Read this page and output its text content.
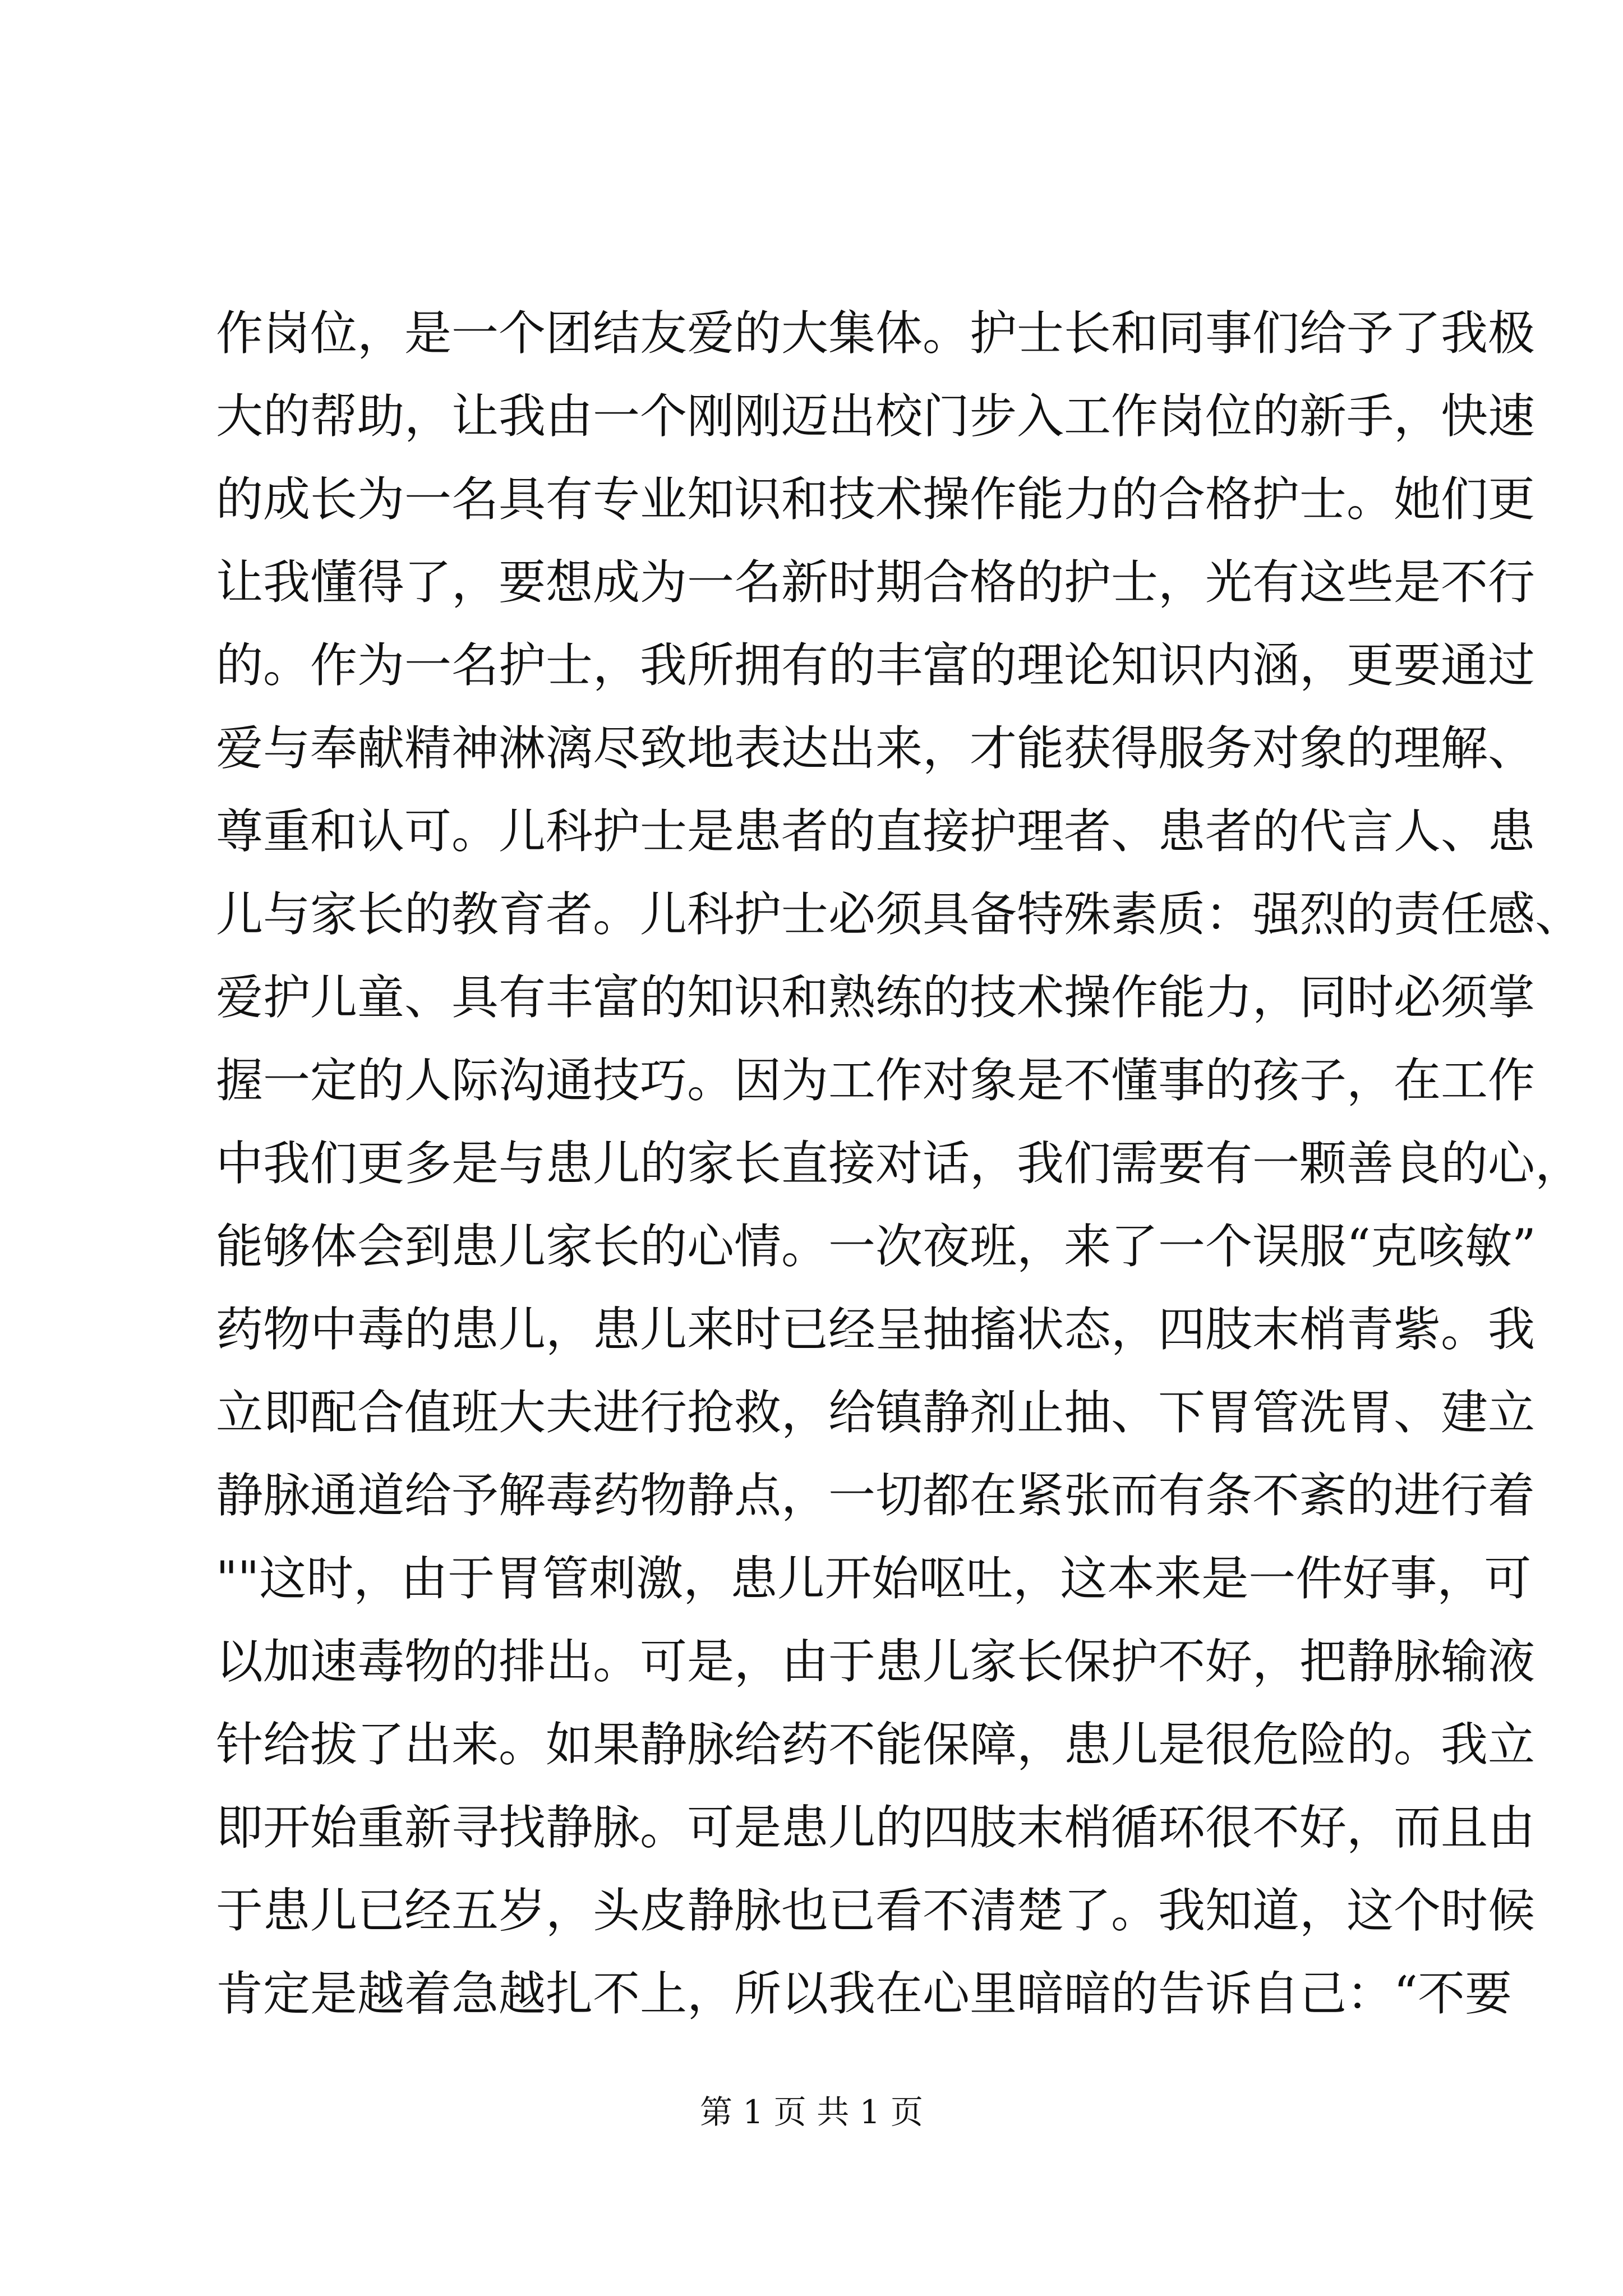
作岗位，是一个团结友爱的大集体。护士长和同事们给予了我极
大的帮助，让我由一个刚刚迈出校门步入工作岗位的新手，快速
的成长为一名具有专业知识和技术操作能力的合格护士。她们更
让我懂得了，要想成为一名新时期合格的护士，光有这些是不行
的。作为一名护士，我所拥有的丰富的理论知识内涵，更要通过
爱与奉献精神淋漓尽致地表达出来，才能获得服务对象的理解、
尊重和认可。儿科护士是患者的直接护理者、患者的代言人、患
儿与家长的教育者。儿科护士必须具备特殊素质：强烈的责任感、
爱护儿童、具有丰富的知识和熟练的技术操作能力，同时必须掌
握一定的人际沟通技巧。因为工作对象是不懂事的孩子，在工作
中我们更多是与患儿的家长直接对话，我们需要有一颗善良的心，
能够体会到患儿家长的心情。一次夜班，来了一个误服“克咳敏”
药物中毒的患儿，患儿来时已经呈抽搐状态，四肢末梢青紫。我
立即配合值班大夫进行抢救，给镇静剂止抽、下胃管洗胃、建立
静脉通道给予解毒药物静点，一切都在紧张而有条不紊的进行着
""这时，由于胃管刺激，患儿开始呕吐，这本来是一件好事，可
以加速毒物的排出。可是，由于患儿家长保护不好，把静脉输液
针给拔了出来。如果静脉给药不能保障，患儿是很危险的。我立
即开始重新寻找静脉。可是患儿的四肢末梢循环很不好，而且由
于患儿已经五岁，头皮静脉也已看不清楚了。我知道，这个时候
肯定是越着急越扎不上，所以我在心里暗暗的告诉自己：“不要
第 1 页 共 1 页
